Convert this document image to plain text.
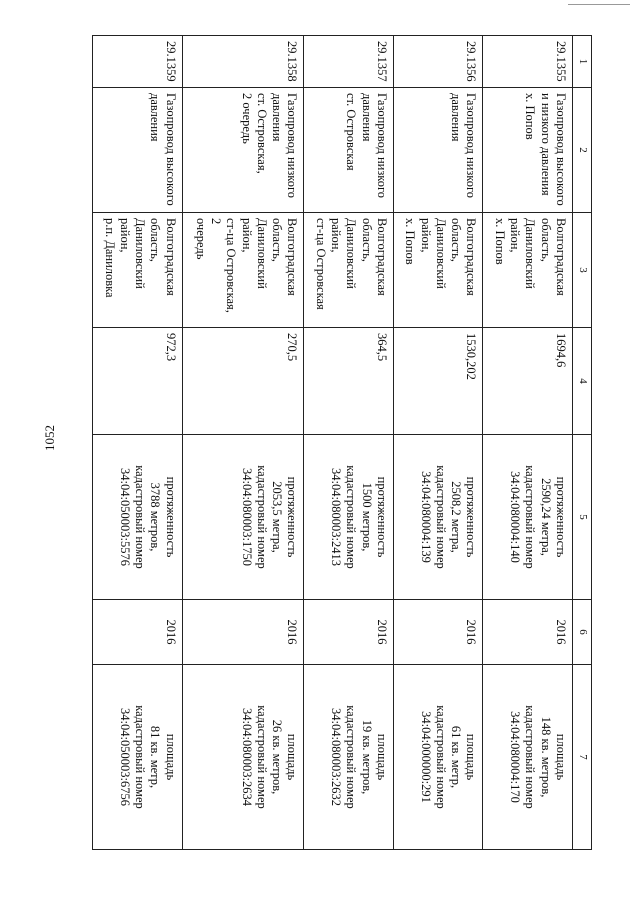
1052
1	2	3	4	5	6	7
29.1355	Газопровод высокого
и низкого давления
х. Попов	Волгоградская
область,
Даниловский район,
х. Попов	1694,6	протяженность
2590,24 метра,
кадастровый номер
34:04:080004:140	2016	площадь
148 кв. метров,
кадастровый номер
34:04:080004:170
29.1356	Газопровод низкого
давления	Волгоградская
область,
Даниловский район,
х. Попов	1530,202	протяженность
2508,2 метра,
кадастровый номер
34:04:080004:139	2016	площадь
61 кв. метр,
кадастровый номер
34:04:000000:291
29.1357	Газопровод низкого
давления
ст. Островская	Волгоградская
область,
Даниловский район,
ст-ца Островская	364,5	протяженность
1500 метров,
кадастровый номер
34:04:080003:2413	2016	площадь
19 кв. метров,
кадастровый номер
34:04:080003:2632
29.1358	Газопровод низкого
давления
ст. Островская,
2 очередь	Волгоградская
область,
Даниловский район,
ст-ца Островская, 2
очередь	270,5	протяженность
2053,5 метра,
кадастровый номер
34:04:080003:1750	2016	площадь
26 кв. метров,
кадастровый номер
34:04:080003:2634
29.1359	Газопровод высокого
давления	Волгоградская
область,
Даниловский район,
р.п. Даниловка	972,3	протяженность
3788 метров,
кадастровый номер
34:04:050003:5576	2016	площадь
81 кв. метр,
кадастровый номер
34:04:050003:6756
